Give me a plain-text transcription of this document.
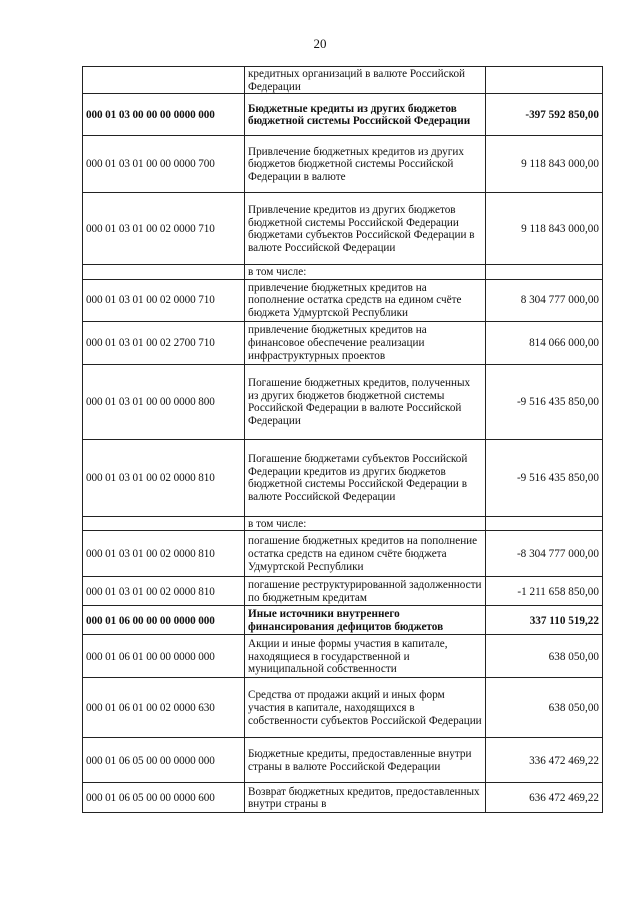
20
	кредитных организаций в валюте Российской Федерации	
000 01 03 00 00 00 0000 000	Бюджетные кредиты из других бюджетов бюджетной системы Российской Федерации	-397 592 850,00
000 01 03 01 00 00 0000 700	Привлечение бюджетных кредитов из других бюджетов бюджетной системы Российской Федерации в валюте	9 118 843 000,00
000 01 03 01 00 02 0000 710	Привлечение кредитов из других бюджетов бюджетной системы Российской Федерации бюджетами субъектов Российской Федерации в валюте Российской Федерации	9 118 843 000,00
	в том числе:	
000 01 03 01 00 02 0000 710	привлечение бюджетных кредитов на пополнение остатка средств на едином счёте бюджета Удмуртской Республики	8 304 777 000,00
000 01 03 01 00 02 2700 710	привлечение бюджетных кредитов на финансовое обеспечение реализации инфраструктурных проектов	814 066 000,00
000 01 03 01 00 00 0000 800	Погашение бюджетных кредитов, полученных из других бюджетов бюджетной системы Российской Федерации в валюте Российской Федерации	-9 516 435 850,00
000 01 03 01 00 02 0000 810	Погашение бюджетами субъектов Российской Федерации кредитов из других бюджетов бюджетной системы Российской Федерации в валюте Российской Федерации	-9 516 435 850,00
	в том числе:	
000 01 03 01 00 02 0000 810	погашение бюджетных кредитов на пополнение остатка средств на едином счёте бюджета Удмуртской Республики	-8 304 777 000,00
000 01 03 01 00 02 0000 810	погашение реструктурированной задолженности по бюджетным кредитам	-1 211 658 850,00
000 01 06 00 00 00 0000 000	Иные источники внутреннего финансирования дефицитов бюджетов	337 110 519,22
000 01 06 01 00 00 0000 000	Акции и иные формы участия в капитале, находящиеся в государственной и муниципальной собственности	638 050,00
000 01 06 01 00 02 0000 630	Средства от продажи акций и иных форм участия в капитале, находящихся в собственности субъектов Российской Федерации	638 050,00
000 01 06 05 00 00 0000 000	Бюджетные кредиты, предоставленные внутри страны в валюте Российской Федерации	336 472 469,22
000 01 06 05 00 00 0000 600	Возврат бюджетных кредитов, предоставленных внутри страны в	636 472 469,22
